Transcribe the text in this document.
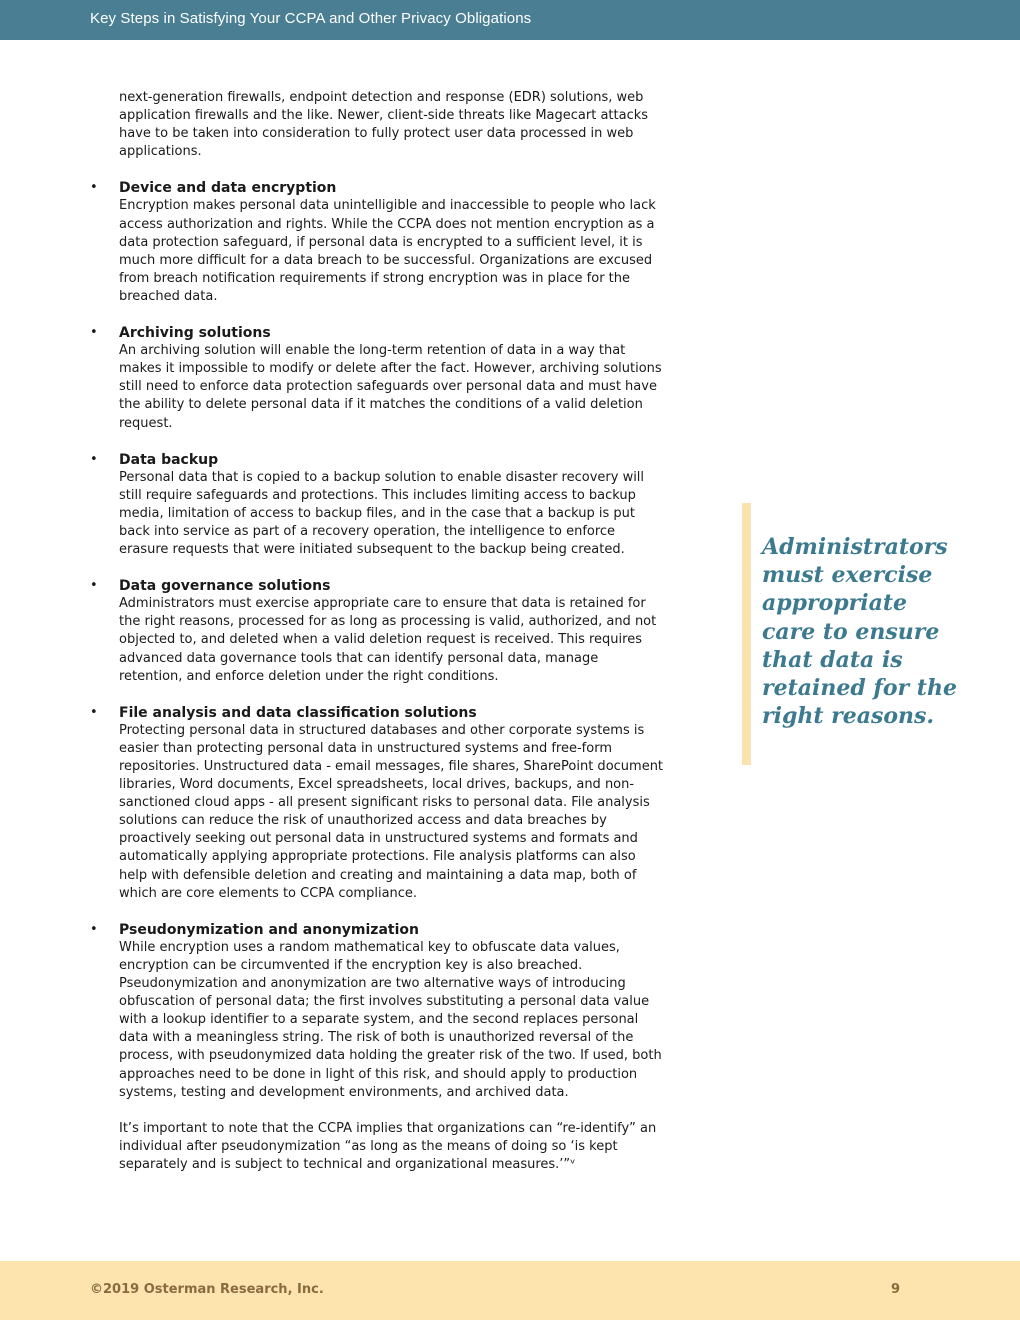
Key Steps in Satisfying Your CCPA and Other Privacy Obligations

next-generation firewalls, endpoint detection and response (EDR) solutions, web application firewalls and the like. Newer, client-side threats like Magecart attacks have to be taken into consideration to fully protect user data processed in web applications.

• Device and data encryption

Encryption makes personal data unintelligible and inaccessible to people who lack access authorization and rights. While the CCPA does not mention encryption as a data protection safeguard, if personal data is encrypted to a sufficient level, it is much more difficult for a data breach to be successful. Organizations are excused from breach notification requirements if strong encryption was in place for the breached data.

• Archiving solutions

An archiving solution will enable the long-term retention of data in a way that makes it impossible to modify or delete after the fact. However, archiving solutions still need to enforce data protection safeguards over personal data and must have the ability to delete personal data if it matches the conditions of a valid deletion request.

• Data backup

Personal data that is copied to a backup solution to enable disaster recovery will still require safeguards and protections. This includes limiting access to backup media, limitation of access to backup files, and in the case that a backup is put back into service as part of a recovery operation, the intelligence to enforce erasure requests that were initiated subsequent to the backup being created.

• Data governance solutions

Administrators must exercise appropriate care to ensure that data is retained for the right reasons, processed for as long as processing is valid, authorized, and not objected to, and deleted when a valid deletion request is received. This requires advanced data governance tools that can identify personal data, manage retention, and enforce deletion under the right conditions.

• File analysis and data classification solutions

Protecting personal data in structured databases and other corporate systems is easier than protecting personal data in unstructured systems and free-form repositories. Unstructured data - email messages, file shares, SharePoint document libraries, Word documents, Excel spreadsheets, local drives, backups, and non-sanctioned cloud apps - all present significant risks to personal data. File analysis solutions can reduce the risk of unauthorized access and data breaches by proactively seeking out personal data in unstructured systems and formats and automatically applying appropriate protections. File analysis platforms can also help with defensible deletion and creating and maintaining a data map, both of which are core elements to CCPA compliance.

• Pseudonymization and anonymization

While encryption uses a random mathematical key to obfuscate data values, encryption can be circumvented if the encryption key is also breached. Pseudonymization and anonymization are two alternative ways of introducing obfuscation of personal data; the first involves substituting a personal data value with a lookup identifier to a separate system, and the second replaces personal data with a meaningless string. The risk of both is unauthorized reversal of the process, with pseudonymized data holding the greater risk of the two. If used, both approaches need to be done in light of this risk, and should apply to production systems, testing and development environments, and archived data.

It’s important to note that the CCPA implies that organizations can “re-identify” an individual after pseudonymization “as long as the means of doing so ‘is kept separately and is subject to technical and organizational measures.’”ᵛ

Administrators must exercise appropriate care to ensure that data is retained for the right reasons.
©2019 Osterman Research, Inc.	9
